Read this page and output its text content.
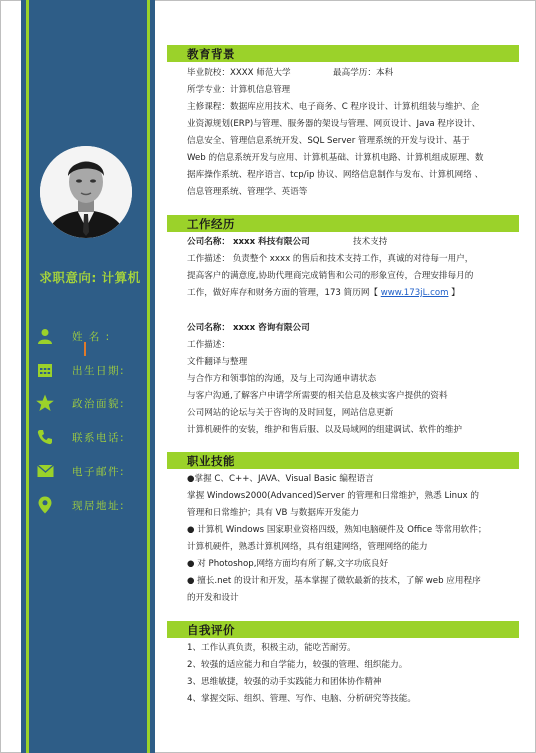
求职意向: 计算机
姓 名 :
出生日期:
政治面貌:
联系电话:
电子邮件:
现居地址:
教育背景
毕业院校：XXXX 师范大学	最高学历：本科
所学专业：计算机信息管理
主修课程：数据库应用技术、电子商务、C 程序设计、计算机组装与维护、企
业资源规划(ERP)与管理、服务器的架设与管理、网页设计、Java 程序设计、
信息安全、管理信息系统开发、SQL Server 管理系统的开发与设计、基于
Web 的信息系统开发与应用、计算机基础、计算机电路、计算机组成原理、数
据库操作系统、程序语言、tcp/ip 协议、网络信息制作与发布、计算机网络 、
信息管理系统、管理学、英语等
工作经历
公司名称： xxxx 科技有限公司	技术支持
工作描述： 负责整个 xxxx 的售后和技术支持工作，真诚的对待每一用户，
提高客户的满意度,协助代理商完成销售和公司的形象宣传，合理安排每月的
工作，做好库存和财务方面的管理，173 简历网【 www.173jL.com 】
公司名称： xxxx 咨询有限公司
工作描述：
文件翻译与整理
与合作方和领事馆的沟通，及与上司沟通申请状态
与客户沟通,了解客户申请学所需要的相关信息及核实客户提供的资料
公司网站的论坛与关于咨询的及时回复，网站信息更新
计算机硬件的安装，维护和售后服、以及局域网的组建调试、软件的维护
职业技能
●掌握 C、C++、JAVA、Visual Basic 编程语言
掌握 Windows2000(Advanced)Server 的管理和日常维护，熟悉 Linux 的
管理和日常维护；具有 VB 与数据库开发能力
● 计算机 Windows 国家职业资格四级，熟知电脑硬件及 Office 等常用软件；
计算机硬件，熟悉计算机网络，具有组建网络，管理网络的能力
● 对 Photoshop,网络方面均有所了解,文字功底良好
● 擅长.net 的设计和开发，基本掌握了微软最新的技术，了解 web 应用程序
的开发和设计
自我评价
1、工作认真负责，积极主动，能吃苦耐劳。
2、较强的适应能力和自学能力，较强的管理、组织能力。
3、思维敏捷，较强的动手实践能力和团体协作精神
4、掌握交际、组织、管理、写作、电脑、分析研究等技能。
